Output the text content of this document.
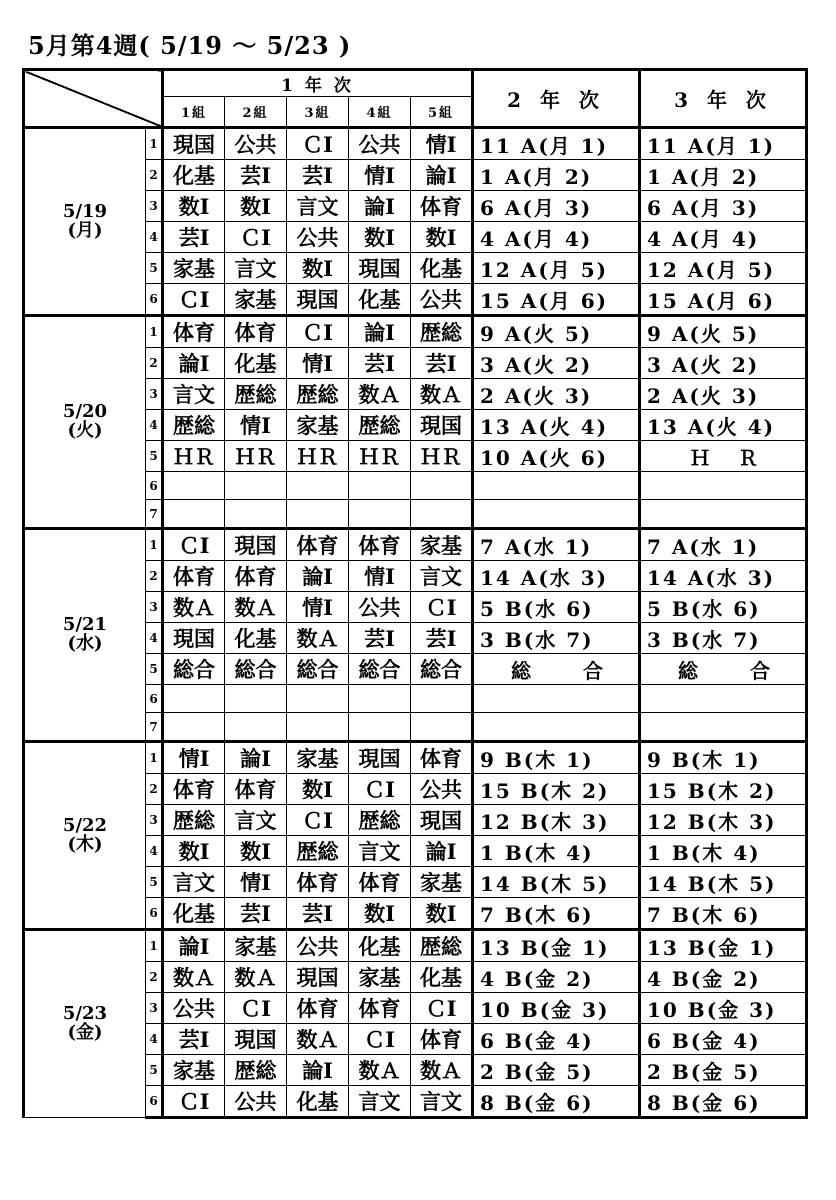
5月第4週( 5/19 ～ 5/23 )
		1 年 次					2 年 次	3 年 次
		1組	2組	3組	4組	5組		

5/19
(月)	1	現国	公共	ＣⅠ	公共	情Ⅰ	11 A(月 1)	11 A(月 1)
	2	化基	芸Ⅰ	芸Ⅰ	情Ⅰ	論Ⅰ	1 A(月 2)	1 A(月 2)
	3	数Ⅰ	数Ⅰ	言文	論Ⅰ	体育	6 A(月 3)	6 A(月 3)
	4	芸Ⅰ	ＣⅠ	公共	数Ⅰ	数Ⅰ	4 A(月 4)	4 A(月 4)
	5	家基	言文	数Ⅰ	現国	化基	12 A(月 5)	12 A(月 5)
	6	ＣⅠ	家基	現国	化基	公共	15 A(月 6)	15 A(月 6)

5/20
(火)	1	体育	体育	ＣⅠ	論Ⅰ	歴総	9 A(火 5)	9 A(火 5)
	2	論Ⅰ	化基	情Ⅰ	芸Ⅰ	芸Ⅰ	3 A(火 2)	3 A(火 2)
	3	言文	歴総	歴総	数Ａ	数Ａ	2 A(火 3)	2 A(火 3)
	4	歴総	情Ⅰ	家基	歴総	現国	13 A(火 4)	13 A(火 4)
	5	ＨＲ	ＨＲ	ＨＲ	ＨＲ	ＨＲ	10 A(火 6)	Ｈ　Ｒ
	6							
	7							

5/21
(水)	1	ＣⅠ	現国	体育	体育	家基	7 A(水 1)	7 A(水 1)
	2	体育	体育	論Ⅰ	情Ⅰ	言文	14 A(水 3)	14 A(水 3)
	3	数Ａ	数Ａ	情Ⅰ	公共	ＣⅠ	5 B(水 6)	5 B(水 6)
	4	現国	化基	数Ａ	芸Ⅰ	芸Ⅰ	3 B(水 7)	3 B(水 7)
	5	総合	総合	総合	総合	総合	総　　合	総　　合
	6							
	7							

5/22
(木)	1	情Ⅰ	論Ⅰ	家基	現国	体育	9 B(木 1)	9 B(木 1)
	2	体育	体育	数Ⅰ	ＣⅠ	公共	15 B(木 2)	15 B(木 2)
	3	歴総	言文	ＣⅠ	歴総	現国	12 B(木 3)	12 B(木 3)
	4	数Ⅰ	数Ⅰ	歴総	言文	論Ⅰ	1 B(木 4)	1 B(木 4)
	5	言文	情Ⅰ	体育	体育	家基	14 B(木 5)	14 B(木 5)
	6	化基	芸Ⅰ	芸Ⅰ	数Ⅰ	数Ⅰ	7 B(木 6)	7 B(木 6)

5/23
(金)	1	論Ⅰ	家基	公共	化基	歴総	13 B(金 1)	13 B(金 1)
	2	数Ａ	数Ａ	現国	家基	化基	4 B(金 2)	4 B(金 2)
	3	公共	ＣⅠ	体育	体育	ＣⅠ	10 B(金 3)	10 B(金 3)
	4	芸Ⅰ	現国	数Ａ	ＣⅠ	体育	6 B(金 4)	6 B(金 4)
	5	家基	歴総	論Ⅰ	数Ａ	数Ａ	2 B(金 5)	2 B(金 5)
	6	ＣⅠ	公共	化基	言文	言文	8 B(金 6)	8 B(金 6)
